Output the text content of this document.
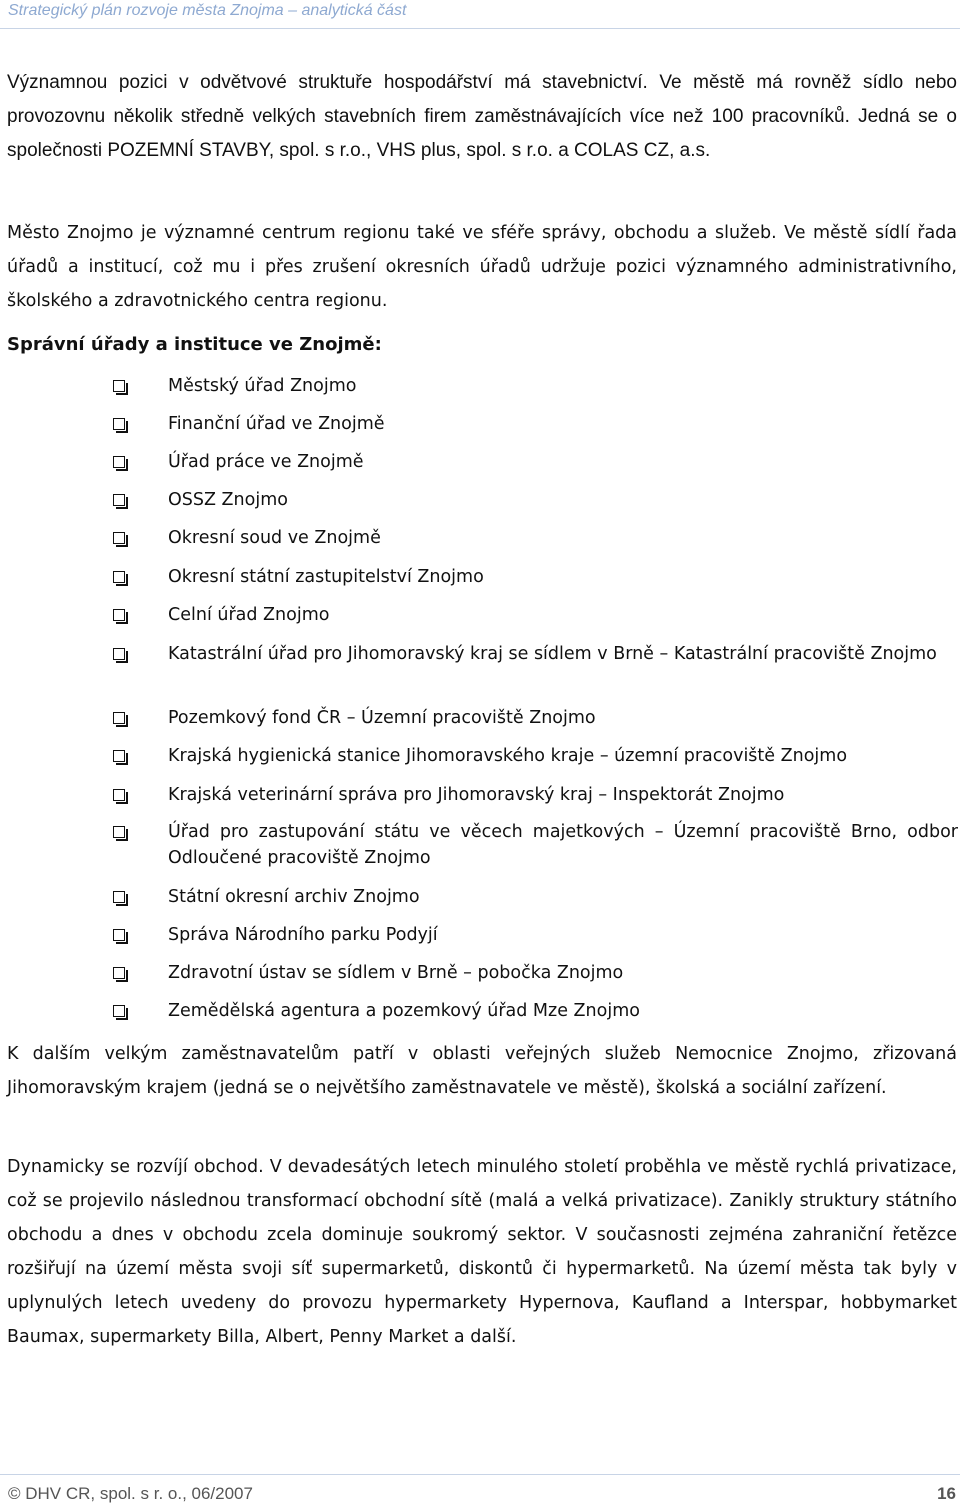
Strategický plán rozvoje města Znojma – analytická část

Významnou pozici v odvětvové struktuře hospodářství má stavebnictví. Ve městě má rovněž sídlo nebo provozovnu několik středně velkých stavebních firem zaměstnávajících více než 100 pracovníků. Jedná se o společnosti POZEMNÍ STAVBY, spol. s r.o., VHS plus, spol. s r.o. a COLAS CZ, a.s.

Město Znojmo je významné centrum regionu také ve sféře správy, obchodu a služeb. Ve městě sídlí řada úřadů a institucí, což mu i přes zrušení okresních úřadů udržuje pozici významného administrativního, školského a zdravotnického centra regionu.

Správní úřady a instituce ve Znojmě:
Městský úřad Znojmo
Finanční úřad ve Znojmě
Úřad práce ve Znojmě
OSSZ Znojmo
Okresní soud ve Znojmě
Okresní státní zastupitelství Znojmo
Celní úřad Znojmo
Katastrální úřad pro Jihomoravský kraj se sídlem v Brně – Katastrální pracoviště Znojmo
Pozemkový fond ČR – Územní pracoviště Znojmo
Krajská hygienická stanice Jihomoravského kraje – územní pracoviště Znojmo
Krajská veterinární správa pro Jihomoravský kraj – Inspektorát Znojmo
Úřad pro zastupování státu ve věcech majetkových – Územní pracoviště Brno, odbor Odloučené pracoviště Znojmo
Státní okresní archiv Znojmo
Správa Národního parku Podyjí
Zdravotní ústav se sídlem v Brně – pobočka Znojmo
Zemědělská agentura a pozemkový úřad Mze Znojmo

K dalším velkým zaměstnavatelům patří v oblasti veřejných služeb Nemocnice Znojmo, zřizovaná Jihomoravským krajem (jedná se o největšího zaměstnavatele ve městě), školská a sociální zařízení.

Dynamicky se rozvíjí obchod. V devadesátých letech minulého století proběhla ve městě rychlá privatizace, což se projevilo následnou transformací obchodní sítě (malá a velká privatizace). Zanikly struktury státního obchodu a dnes v obchodu zcela dominuje soukromý sektor. V současnosti zejména zahraniční řetězce rozšiřují na území města svoji síť supermarketů, diskontů či hypermarketů. Na území města tak byly v uplynulých letech uvedeny do provozu hypermarkety Hypernova, Kaufland a Interspar, hobbymarket Baumax, supermarkety Billa, Albert, Penny Market a další.

© DHV CR, spol. s r. o., 06/2007	16
